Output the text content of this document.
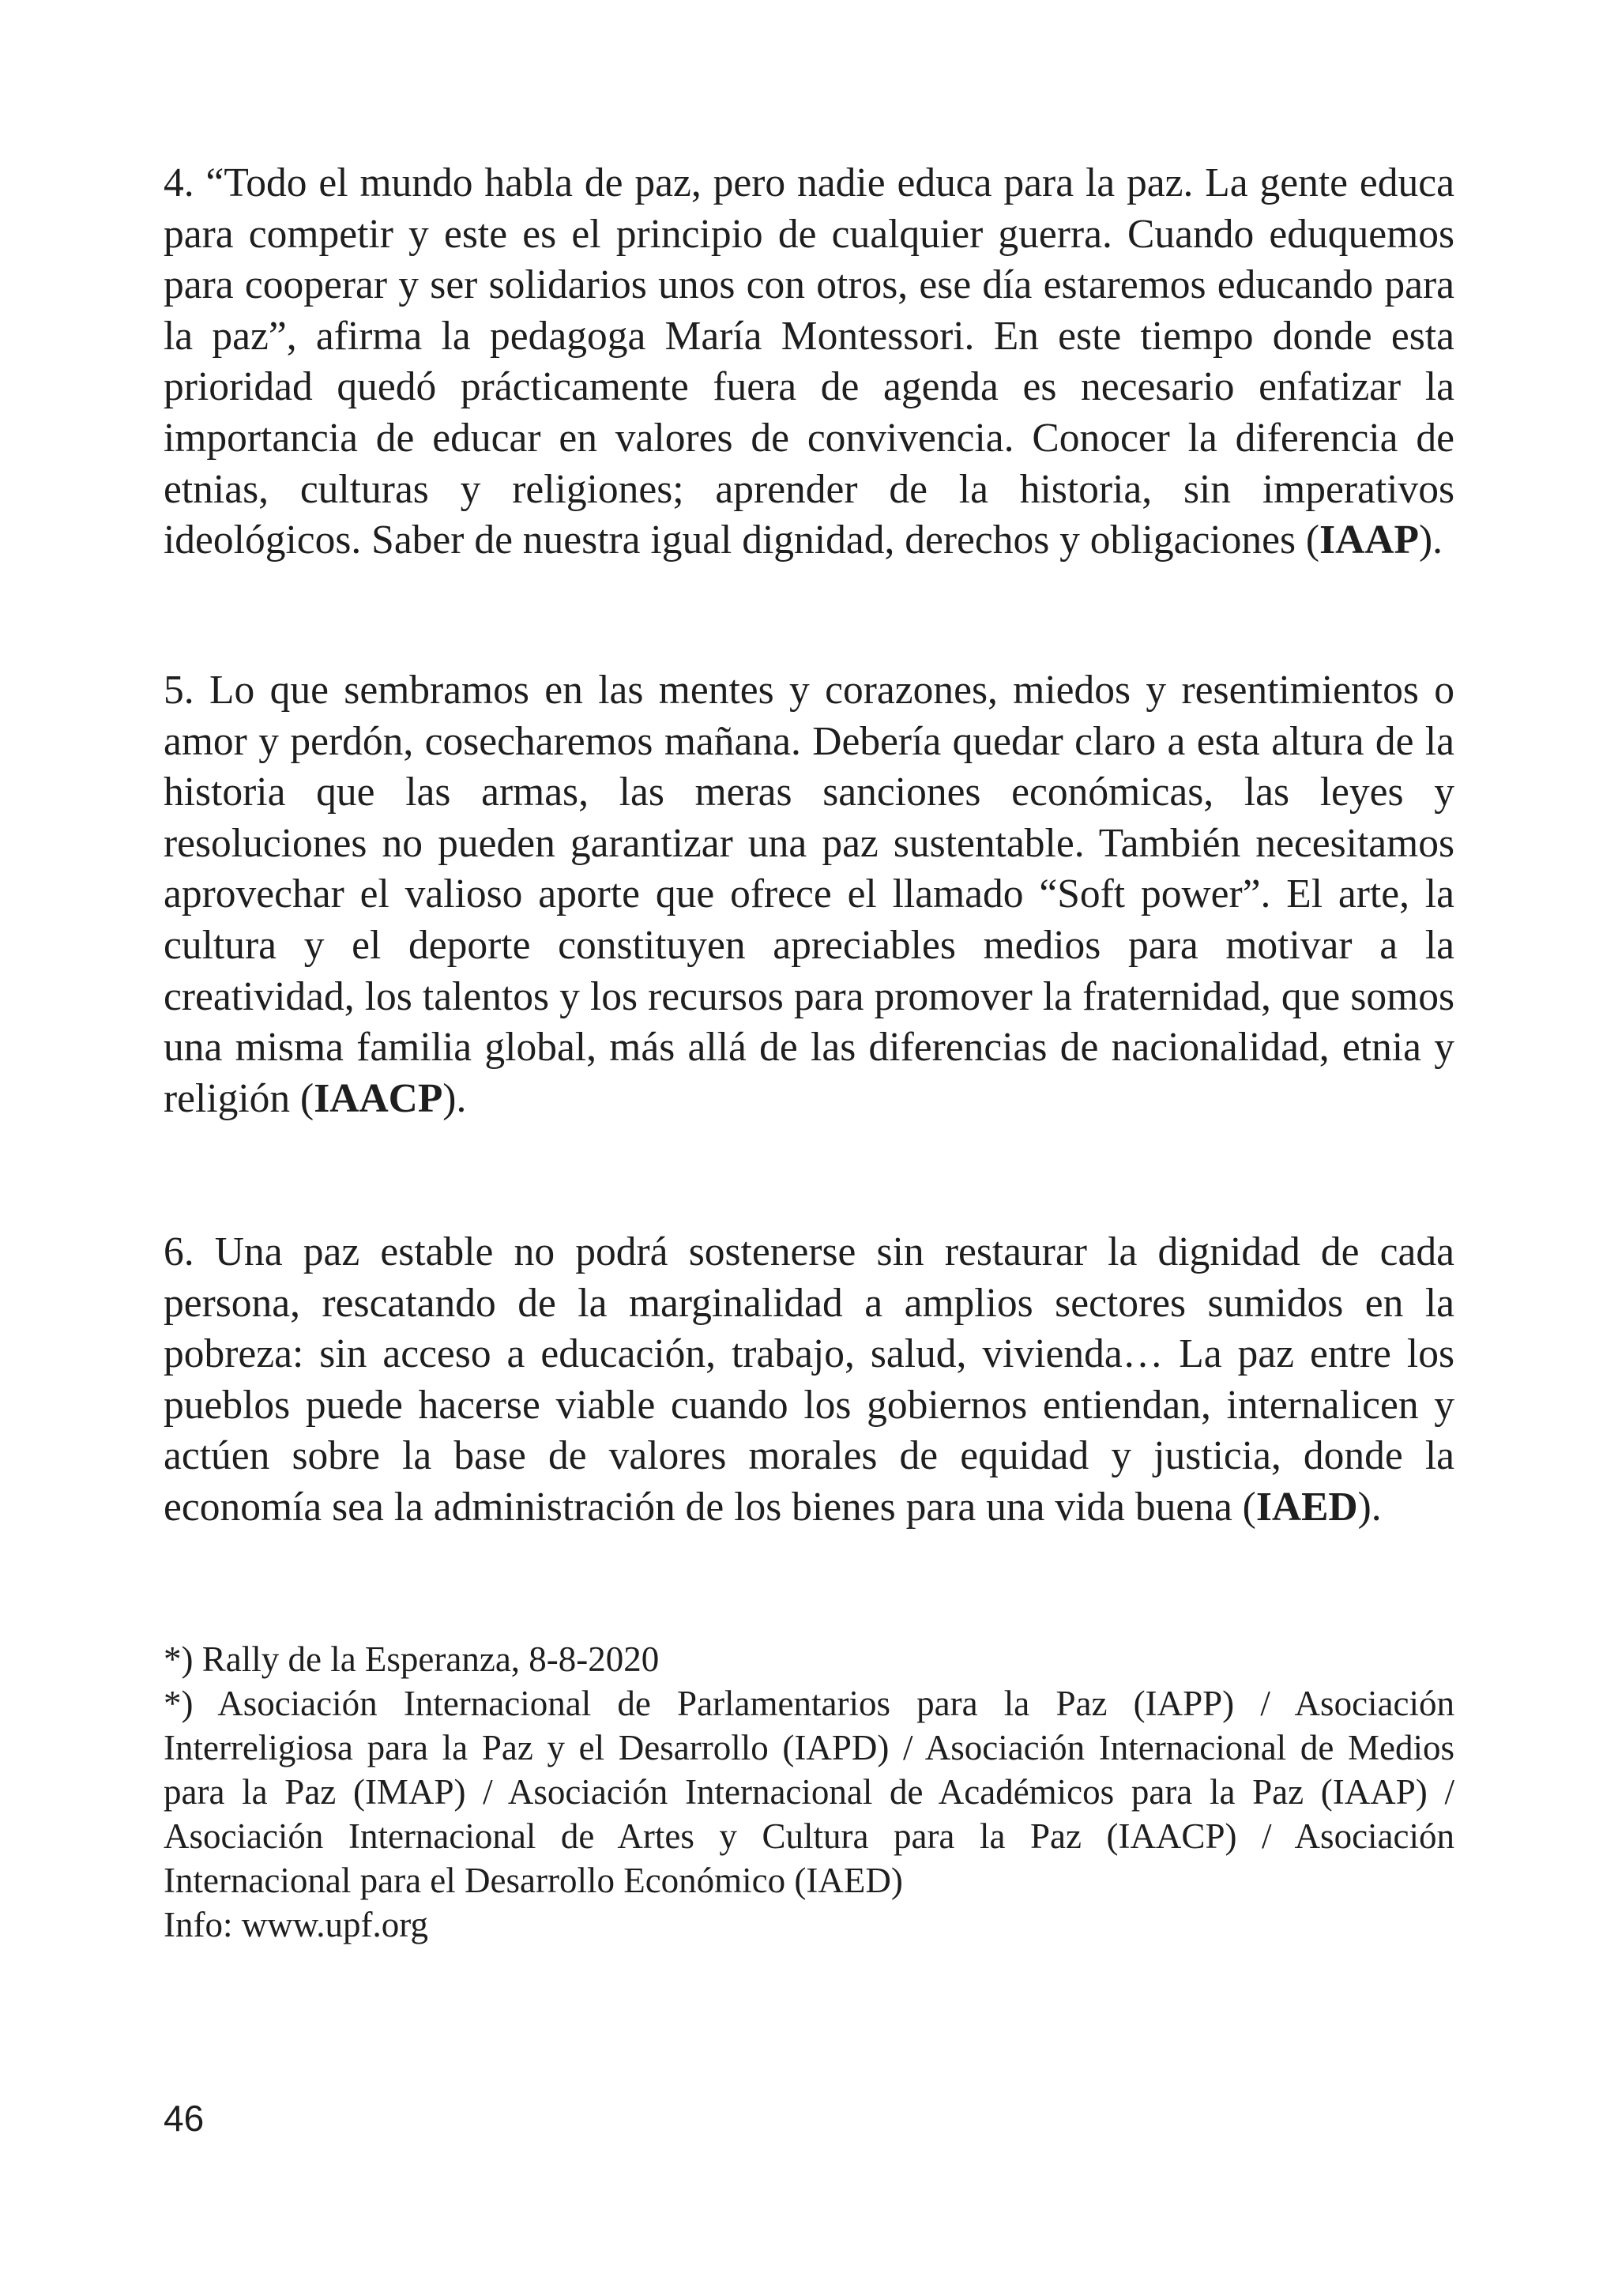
4. “Todo el mundo habla de paz, pero nadie educa para la paz. La gente educa para competir y este es el principio de cualquier guerra. Cuando eduquemos para cooperar y ser solidarios unos con otros, ese día estaremos educando para la paz”, afirma la pedagoga María Montessori. En este tiempo donde esta prioridad quedó prácticamente fuera de agenda es necesario enfatizar la importancia de educar en valores de convivencia. Conocer la diferencia de etnias, culturas y religiones; aprender de la historia, sin imperativos ideológicos. Saber de nuestra igual dignidad, derechos y obligaciones (IAAP).

5. Lo que sembramos en las mentes y corazones, miedos y resentimientos o amor y perdón, cosecharemos mañana. Debería quedar claro a esta altura de la historia que las armas, las meras sanciones económicas, las leyes y resoluciones no pueden garantizar una paz sustentable. También necesitamos aprovechar el valioso aporte que ofrece el llamado “Soft power”. El arte, la cultura y el deporte constituyen apreciables medios para motivar a la creatividad, los talentos y los recursos para promover la fraternidad, que somos una misma familia global, más allá de las diferencias de nacionalidad, etnia y religión (IAACP).

6. Una paz estable no podrá sostenerse sin restaurar la dignidad de cada persona, rescatando de la marginalidad a amplios sectores sumidos en la pobreza: sin acceso a educación, trabajo, salud, vivienda… La paz entre los pueblos puede hacerse viable cuando los gobiernos entiendan, internalicen y actúen sobre la base de valores morales de equidad y justicia, donde la economía sea la administración de los bienes para una vida buena (IAED).

*) Rally de la Esperanza, 8-8-2020

*) Asociación Internacional de Parlamentarios para la Paz (IAPP) / Asociación Interreligiosa para la Paz y el Desarrollo (IAPD) / Asociación Internacional de Medios para la Paz (IMAP) / Asociación Internacional de Académicos para la Paz (IAAP) / Asociación Internacional de Artes y Cultura para la Paz (IAACP) / Asociación Internacional para el Desarrollo Económico (IAED)

Info: www.upf.org

46
